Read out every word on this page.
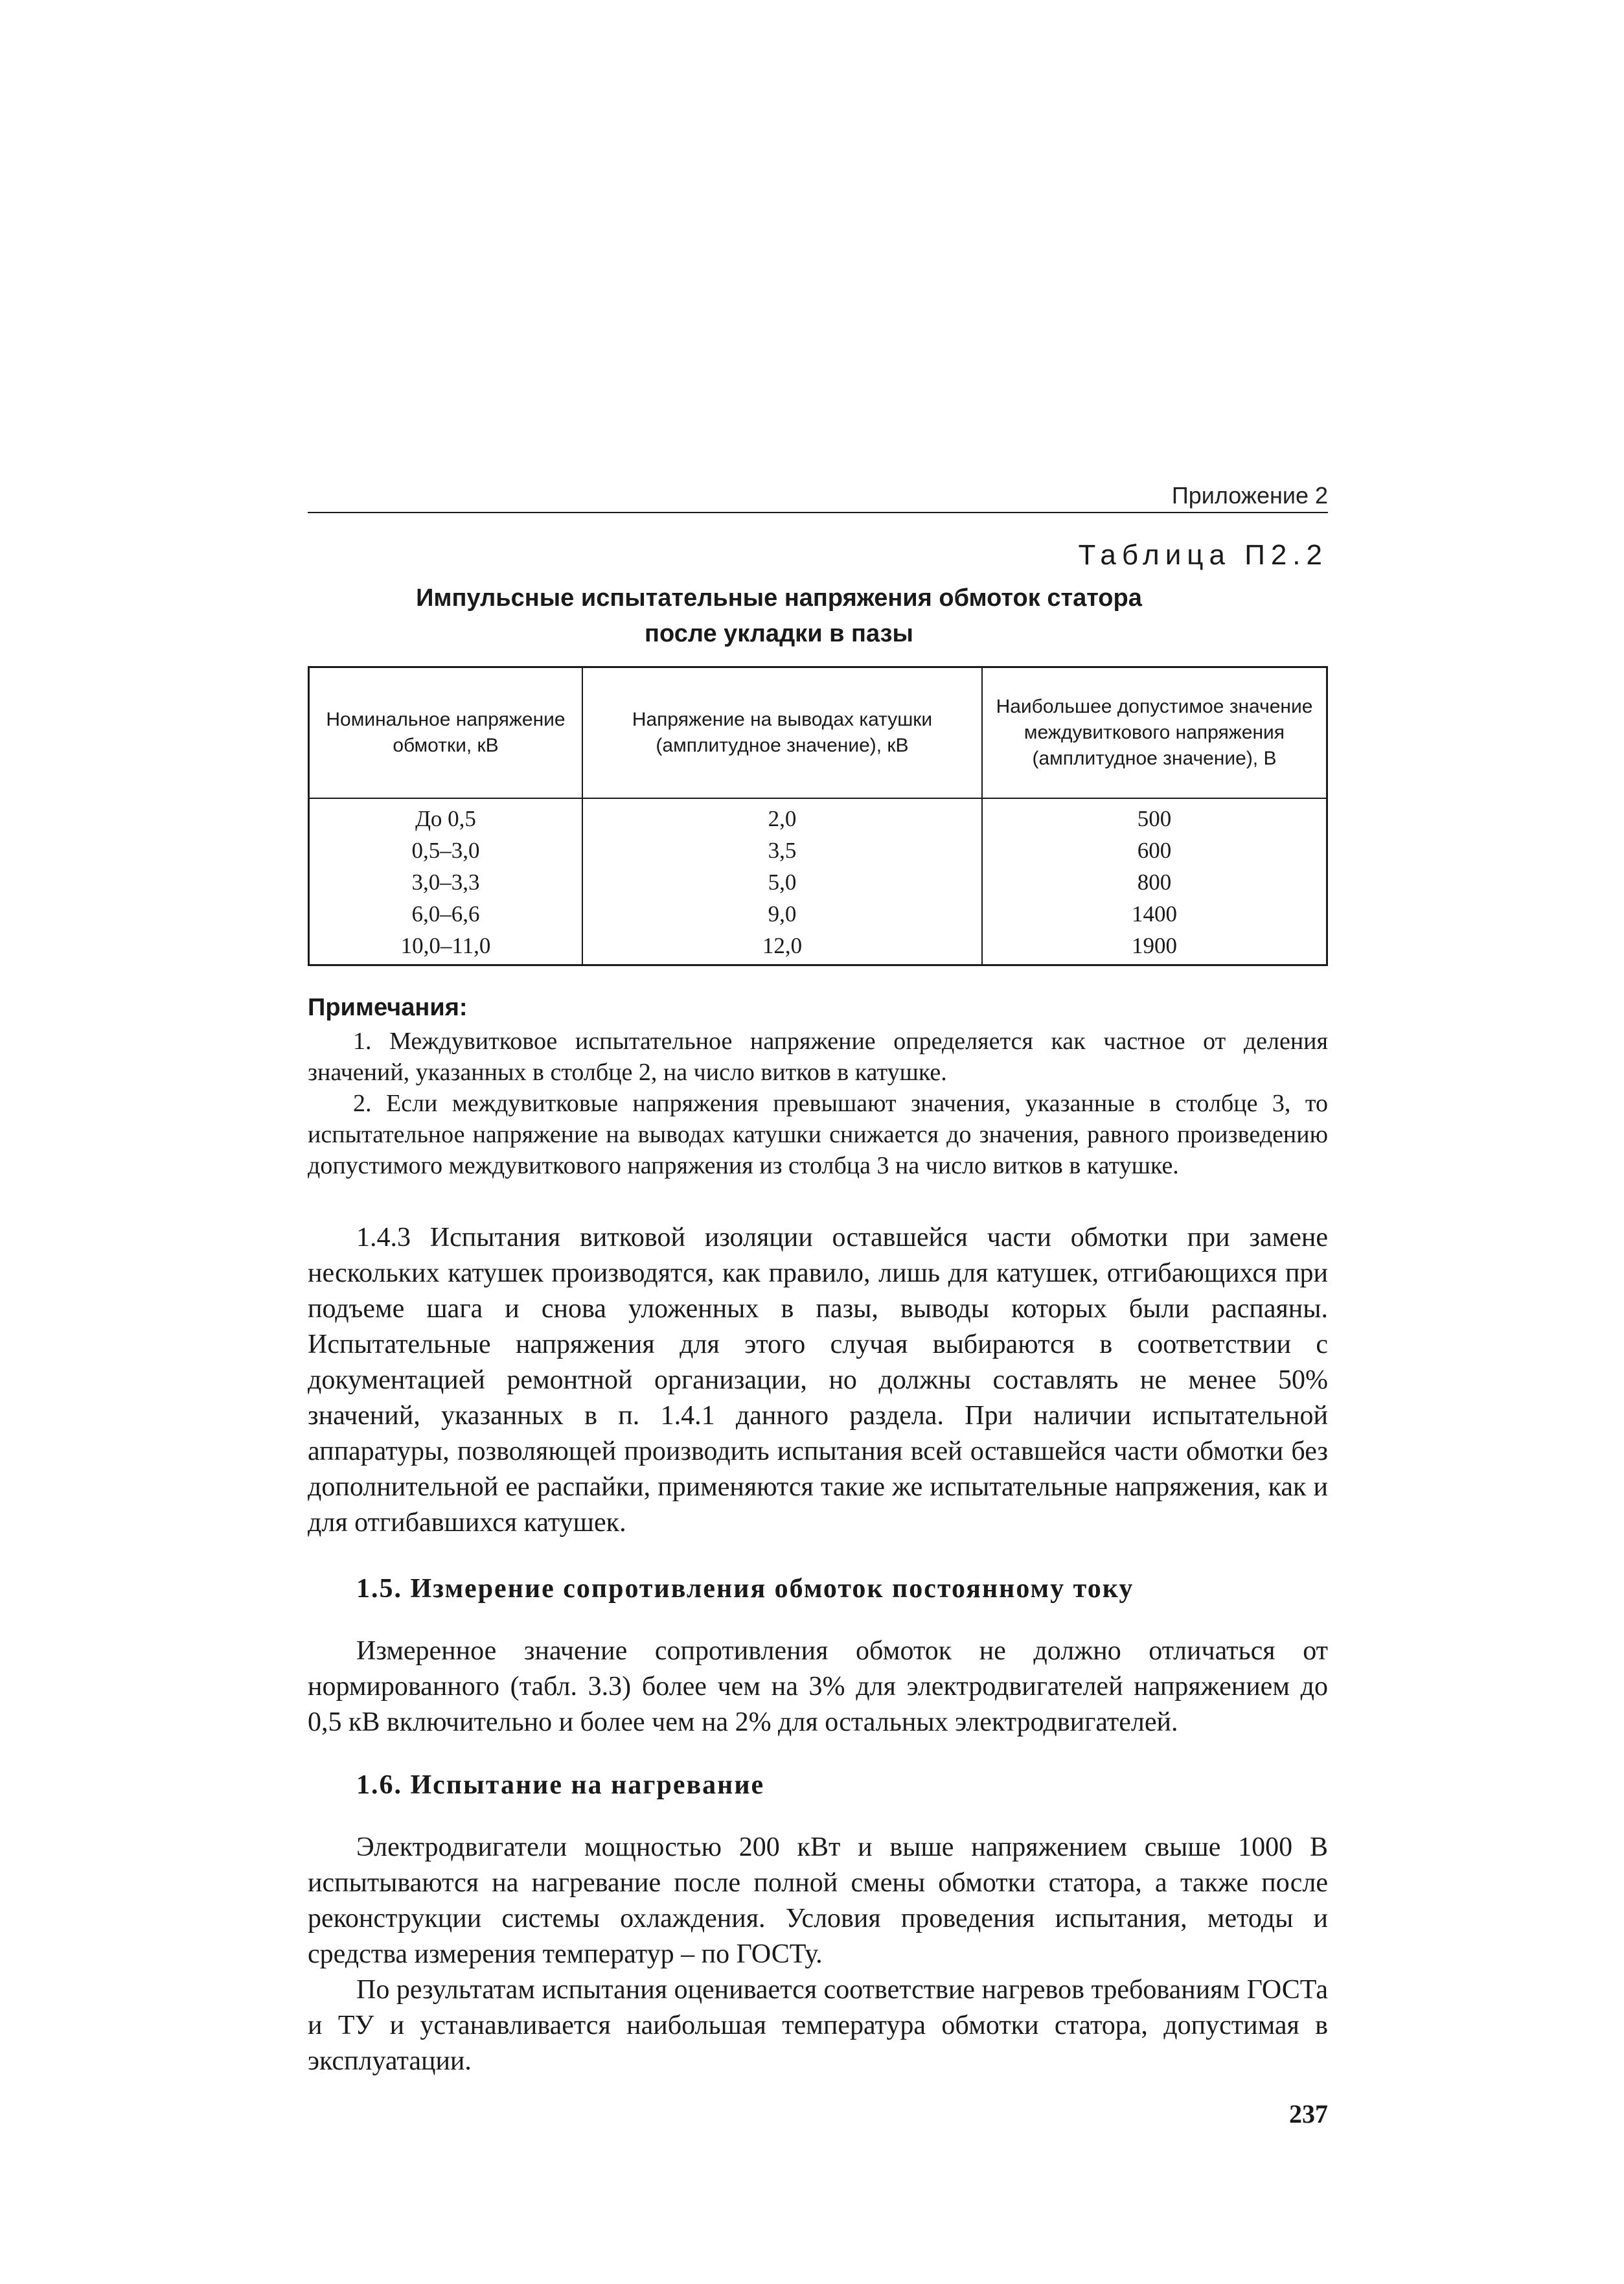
Приложение 2
Таблица П2.2
Импульсные испытательные напряжения обмоток статора
после укладки в пазы
Номинальное напряжение обмотки, кВ	Напряжение на выводах катушки (амплитудное значение), кВ	Наибольшее допустимое значение междувиткового напряжения (амплитудное значение), В
До 0,5	2,0	500
0,5–3,0	3,5	600
3,0–3,3	5,0	800
6,0–6,6	9,0	1400
10,0–11,0	12,0	1900
Примечания:

1. Междувитковое испытательное напряжение определяется как частное от деления значений, указанных в столбце 2, на число витков в катушке.

2. Если междувитковые напряжения превышают значения, указанные в столбце 3, то испытательное напряжение на выводах катушки снижается до значения, равного произведению допустимого междувиткового напряжения из столбца 3 на число витков в катушке.

1.4.3 Испытания витковой изоляции оставшейся части обмотки при замене нескольких катушек производятся, как правило, лишь для катушек, отгибающихся при подъеме шага и снова уложенных в пазы, выводы которых были распаяны. Испытательные напряжения для этого случая выбираются в соответствии с документацией ремонтной организации, но должны составлять не менее 50% значений, указанных в п. 1.4.1 данного раздела. При наличии испытательной аппаратуры, позволяющей производить испытания всей оставшейся части обмотки без дополнительной ее распайки, применяются такие же испытательные напряжения, как и для отгибавшихся катушек.

1.5. Измерение сопротивления обмоток постоянному току

Измеренное значение сопротивления обмоток не должно отличаться от нормированного (табл. 3.3) более чем на 3% для электродвигателей напряжением до 0,5 кВ включительно и более чем на 2% для остальных электродвигателей.

1.6. Испытание на нагревание

Электродвигатели мощностью 200 кВт и выше напряжением свыше 1000 В испытываются на нагревание после полной смены обмотки статора, а также после реконструкции системы охлаждения. Условия проведения испытания, методы и средства измерения температур – по ГОСТу.

По результатам испытания оценивается соответствие нагревов требованиям ГОСТа и ТУ и устанавливается наибольшая температура обмотки статора, допустимая в эксплуатации.

237
